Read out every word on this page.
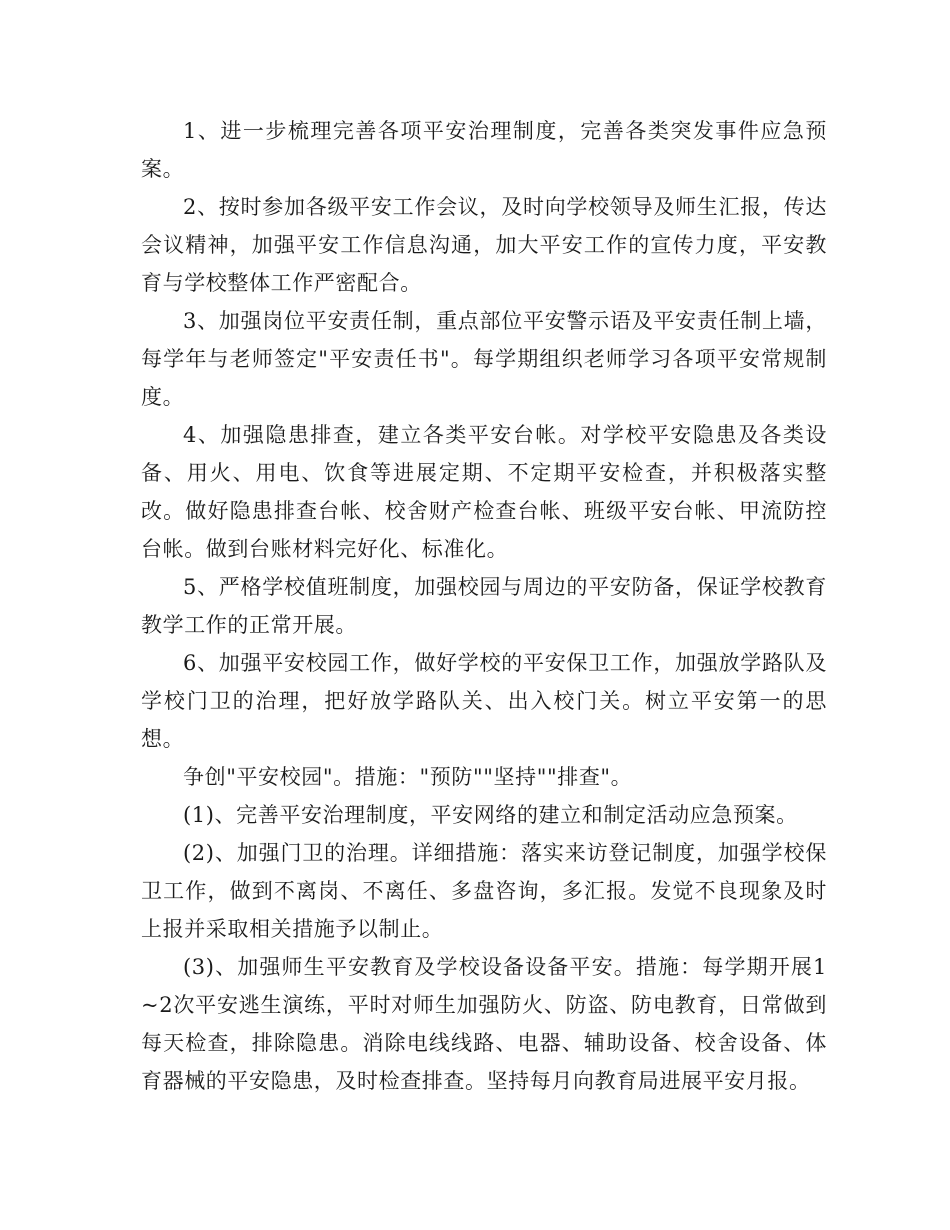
1、进一步梳理完善各项平安治理制度，完善各类突发事件应急预案。

2、按时参加各级平安工作会议，及时向学校领导及师生汇报，传达会议精神，加强平安工作信息沟通，加大平安工作的宣传力度，平安教育与学校整体工作严密配合。

3、加强岗位平安责任制，重点部位平安警示语及平安责任制上墙，每学年与老师签定"平安责任书"。每学期组织老师学习各项平安常规制度。

4、加强隐患排查，建立各类平安台帐。对学校平安隐患及各类设备、用火、用电、饮食等进展定期、不定期平安检查，并积极落实整改。做好隐患排查台帐、校舍财产检查台帐、班级平安台帐、甲流防控台帐。做到台账材料完好化、标准化。

5、严格学校值班制度，加强校园与周边的平安防备，保证学校教育教学工作的正常开展。

6、加强平安校园工作，做好学校的平安保卫工作，加强放学路队及学校门卫的治理，把好放学路队关、出入校门关。树立平安第一的思想。

争创"平安校园"。措施："预防""坚持""排查"。

(1)、完善平安治理制度，平安网络的建立和制定活动应急预案。

(2)、加强门卫的治理。详细措施：落实来访登记制度，加强学校保卫工作，做到不离岗、不离任、多盘咨询，多汇报。发觉不良现象及时上报并采取相关措施予以制止。

(3)、加强师生平安教育及学校设备设备平安。措施：每学期开展1~2次平安逃生演练，平时对师生加强防火、防盗、防电教育，日常做到每天检查，排除隐患。消除电线线路、电器、辅助设备、校舍设备、体育器械的平安隐患，及时检查排查。坚持每月向教育局进展平安月报。
